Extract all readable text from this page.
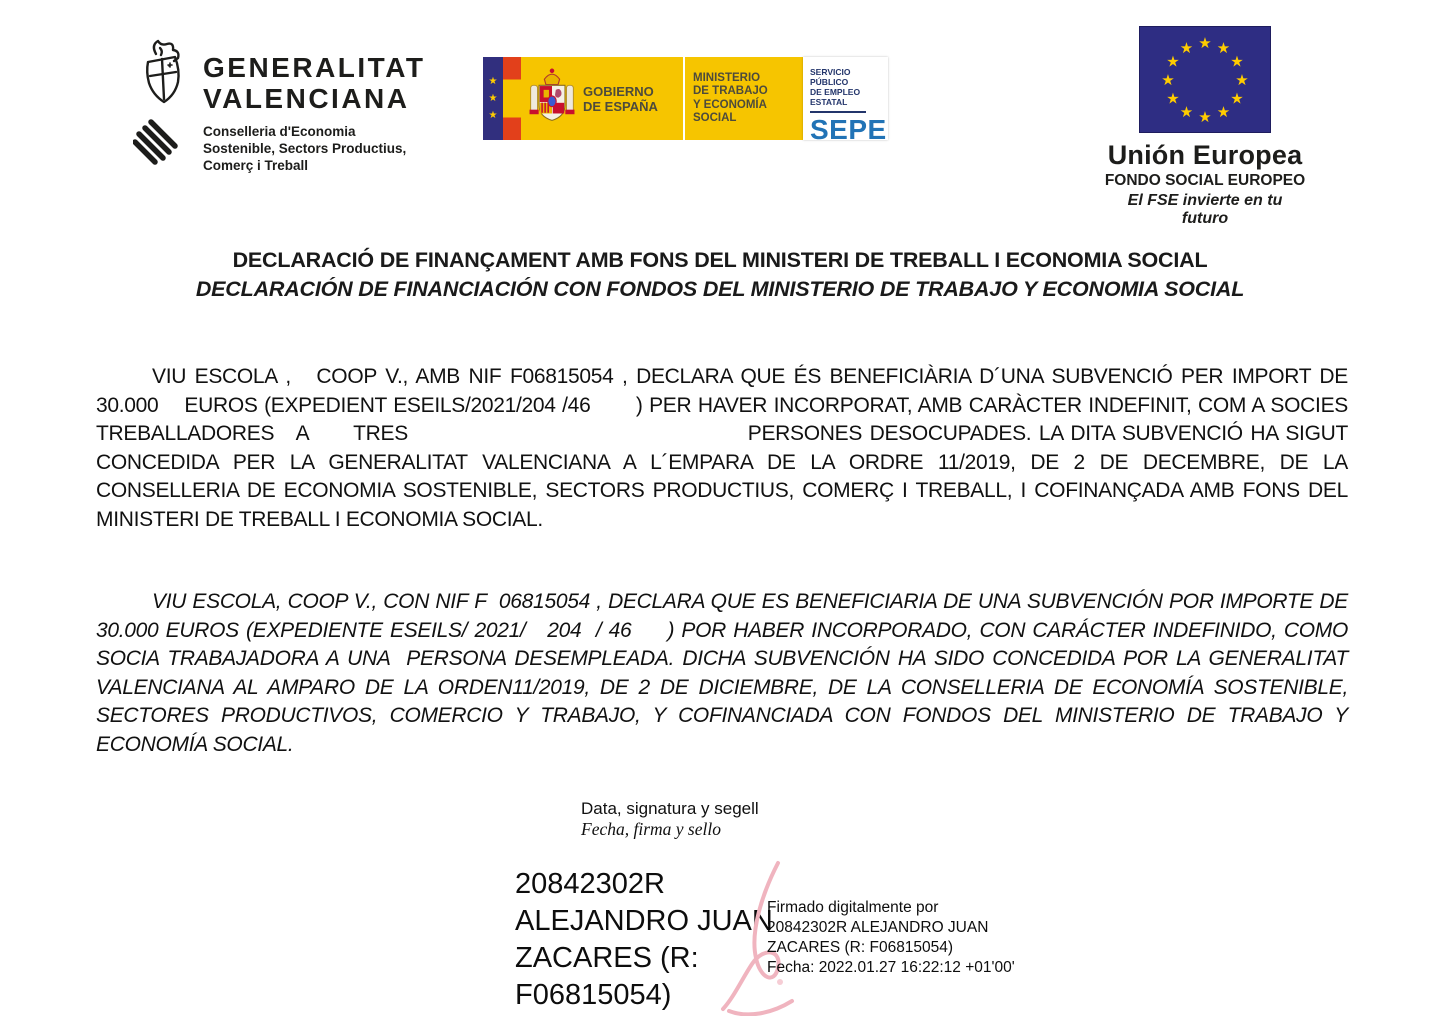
GENERALITAT
VALENCIANA
Conselleria d'Economia
Sostenible, Sectors Productius,
Comerç i Treball
★
★
★
GOBIERNO
DE ESPAÑA
MINISTERIO
DE TRABAJO
Y ECONOMÍA SOCIAL
SERVICIO PÚBLICO
DE EMPLEO ESTATAL
SEPE
★ ★
★
★
★
★
★
★
★
★
★
★
Unión Europea
FONDO SOCIAL EUROPEO
El FSE invierte en tu futuro
DECLARACIÓ DE FINANÇAMENT AMB FONS DEL MINISTERI DE TREBALL I ECONOMIA SOCIAL
DECLARACIÓN DE FINANCIACIÓN CON FONDOS DEL MINISTERIO DE TRABAJO Y ECONOMIA SOCIAL
VIU ESCOLA ,   COOP V., AMB NIF F06815054 , DECLARA QUE ÉS BENEFICIÀRIA D´UNA SUBVENCIÓ PER IMPORT DE     30.000    EUROS (EXPEDIENT ESEILS/2021/204 /46       ) PER HAVER INCORPORAT, AMB CARÀCTER INDEFINIT, COM A SOCIES TREBALLADORES   A      TRES                                             PERSONES DESOCUPADES. LA DITA SUBVENCIÓ HA SIGUT CONCEDIDA PER LA GENERALITAT VALENCIANA A L´EMPARA DE LA ORDRE 11/2019, DE 2 DE DECEMBRE, DE LA CONSELLERIA DE ECONOMIA SOSTENIBLE, SECTORS PRODUCTIUS, COMERÇ I TREBALL, I COFINANÇADA AMB FONS DEL MINISTERI DE TREBALL I ECONOMIA SOCIAL.
VIU ESCOLA, COOP V., CON NIF F  06815054 , DECLARA QUE ES BENEFICIARIA DE UNA SUBVENCIÓN POR IMPORTE DE  30.000 EUROS (EXPEDIENTE ESEILS/ 2021/   204  / 46     ) POR HABER INCORPORADO, CON CARÁCTER INDEFINIDO, COMO SOCIA TRABAJADORA A UNA  PERSONA DESEMPLEADA. DICHA SUBVENCIÓN HA SIDO CONCEDIDA POR LA GENERALITAT VALENCIANA AL AMPARO DE LA ORDEN11/2019, DE 2 DE DICIEMBRE, DE LA CONSELLERIA DE ECONOMÍA SOSTENIBLE, SECTORES PRODUCTIVOS, COMERCIO Y TRABAJO, Y COFINANCIADA CON FONDOS DEL MINISTERIO DE TRABAJO Y ECONOMÍA SOCIAL.
Data, signatura y segell
Fecha, firma y sello
20842302R
ALEJANDRO JUAN
ZACARES (R:
F06815054)
Firmado digitalmente por
20842302R ALEJANDRO JUAN
ZACARES (R: F06815054)
Fecha: 2022.01.27 16:22:12 +01'00'
